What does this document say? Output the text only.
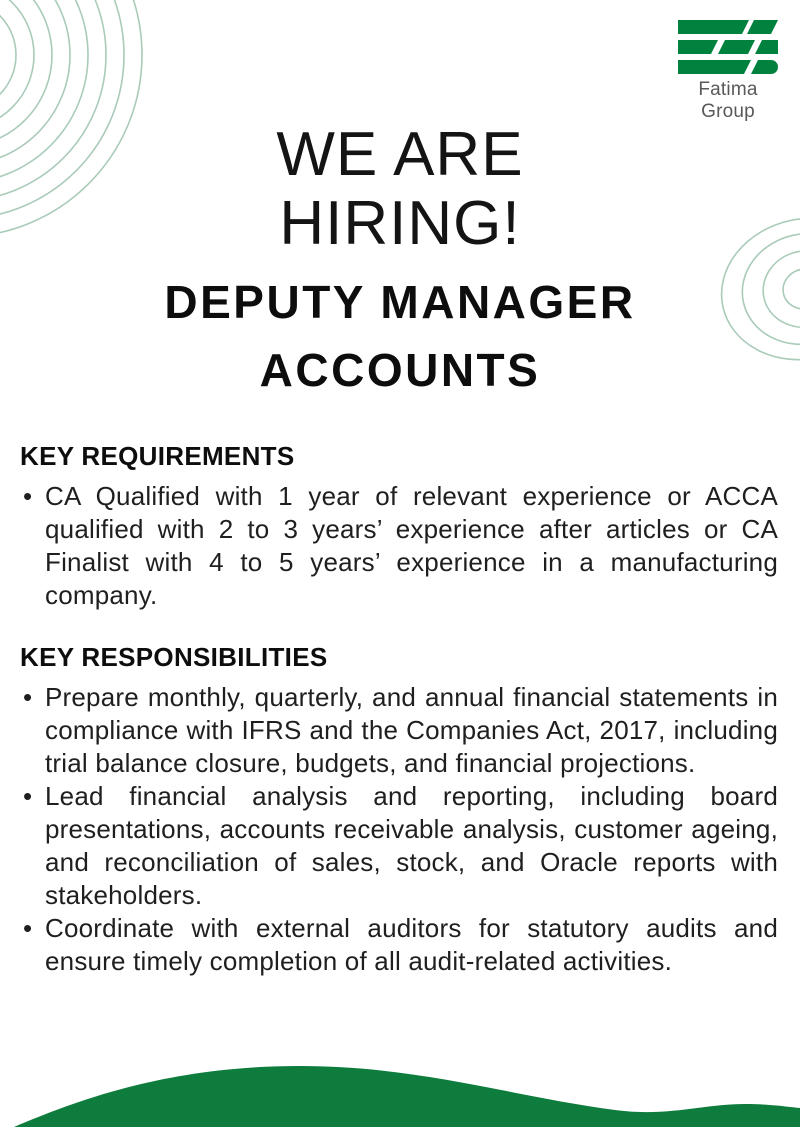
Fatima Group
WE ARE
HIRING!
DEPUTY MANAGER
ACCOUNTS
KEY REQUIREMENTS
• CA Qualified with 1 year of relevant experience or ACCA qualified with 2 to 3 years’ experience after articles or CA Finalist with 4 to 5 years’ experience in a manufacturing company.
KEY RESPONSIBILITIES
• Prepare monthly, quarterly, and annual financial statements in compliance with IFRS and the Companies Act, 2017, including trial balance closure, budgets, and financial projections.
• Lead financial analysis and reporting, including board presentations, accounts receivable analysis, customer ageing, and reconciliation of sales, stock, and Oracle reports with stakeholders.
• Coordinate with external auditors for statutory audits and ensure timely completion of all audit-related activities.
